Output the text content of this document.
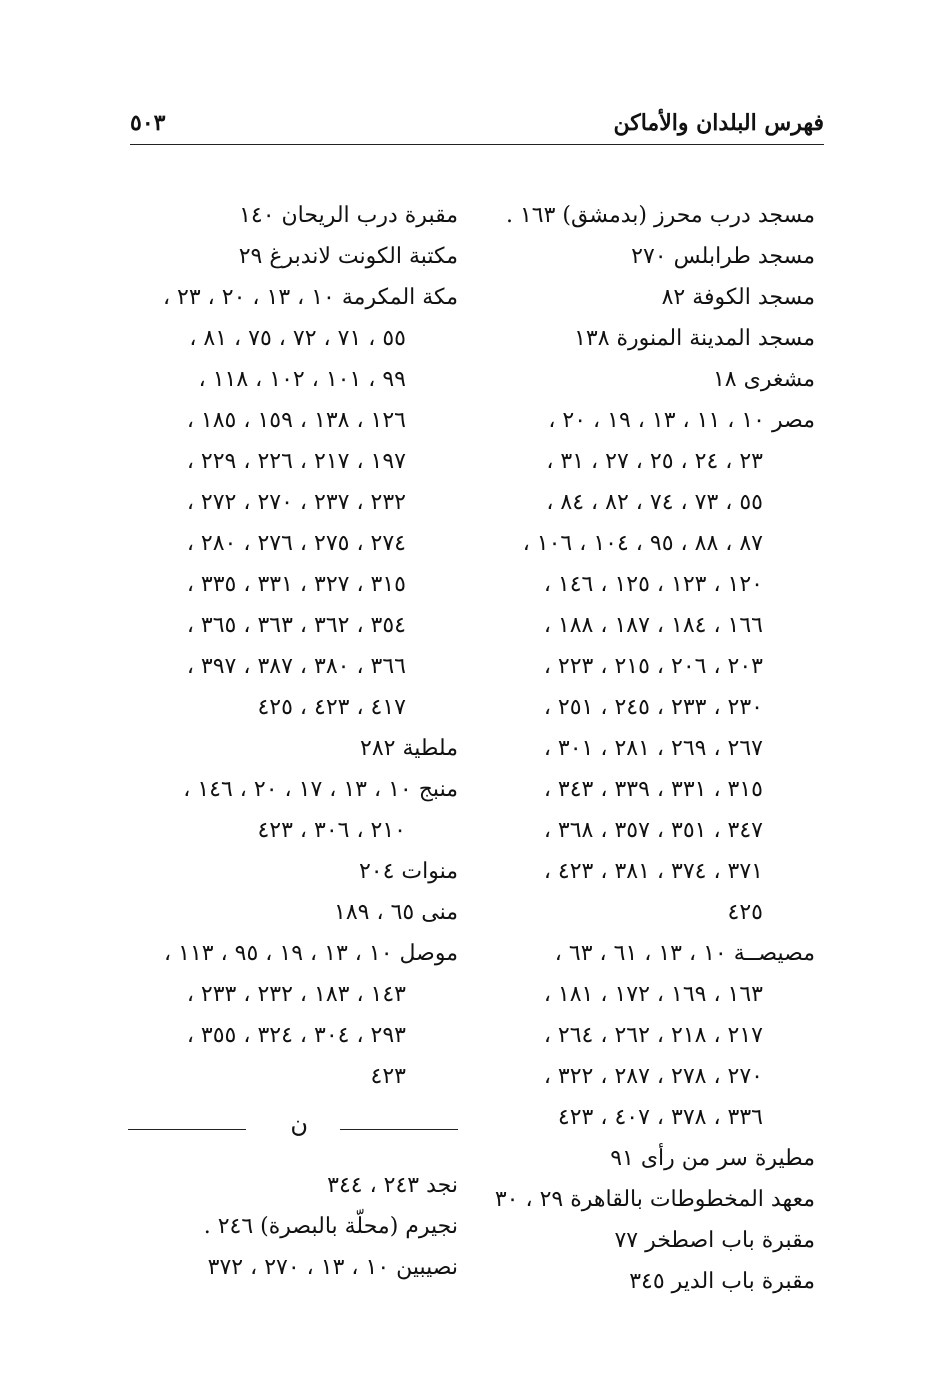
فهرس البلدان والأماكن
٥٠٣
مسجد درب محرز (بدمشق) ١٦٣ .
مسجد طرابلس ٢٧٠
مسجد الكوفة ٨٢
مسجد المدينة المنورة ١٣٨
مشغرى ١٨
مصر ١٠ ، ١١ ، ١٣ ، ١٩ ، ٢٠ ،
٢٣ ، ٢٤ ، ٢٥ ، ٢٧ ، ٣١ ،
٥٥ ، ٧٣ ، ٧٤ ، ٨٢ ، ٨٤ ،
٨٧ ، ٨٨ ، ٩٥ ، ١٠٤ ، ١٠٦ ،
١٢٠ ، ١٢٣ ، ١٢٥ ، ١٤٦ ،
١٦٦ ، ١٨٤ ، ١٨٧ ، ١٨٨ ،
٢٠٣ ، ٢٠٦ ، ٢١٥ ، ٢٢٣ ،
٢٣٠ ، ٢٣٣ ، ٢٤٥ ، ٢٥١ ،
٢٦٧ ، ٢٦٩ ، ٢٨١ ، ٣٠١ ،
٣١٥ ، ٣٣١ ، ٣٣٩ ، ٣٤٣ ،
٣٤٧ ، ٣٥١ ، ٣٥٧ ، ٣٦٨ ،
٣٧١ ، ٣٧٤ ، ٣٨١ ، ٤٢٣ ،
٤٢٥
مصيصــة ١٠ ، ١٣ ، ٦١ ، ٦٣ ،
١٦٣ ، ١٦٩ ، ١٧٢ ، ١٨١ ،
٢١٧ ، ٢١٨ ، ٢٦٢ ، ٢٦٤ ،
٢٧٠ ، ٢٧٨ ، ٢٨٧ ، ٣٢٢ ،
٣٣٦ ، ٣٧٨ ، ٤٠٧ ، ٤٢٣
مطيرة سر من رأى ٩١
معهد المخطوطات بالقاهرة ٢٩ ، ٣٠
مقبرة باب اصطخر ٧٧
مقبرة باب الدير ٣٤٥
مقبرة درب الريحان ١٤٠
مكتبة الكونت لاندبرغ ٢٩
مكة المكرمة ١٠ ، ١٣ ، ٢٠ ، ٢٣ ،
٥٥ ، ٧١ ، ٧٢ ، ٧٥ ، ٨١ ،
٩٩ ، ١٠١ ، ١٠٢ ، ١١٨ ،
١٢٦ ، ١٣٨ ، ١٥٩ ، ١٨٥ ،
١٩٧ ، ٢١٧ ، ٢٢٦ ، ٢٢٩ ،
٢٣٢ ، ٢٣٧ ، ٢٧٠ ، ٢٧٢ ،
٢٧٤ ، ٢٧٥ ، ٢٧٦ ، ٢٨٠ ،
٣١٥ ، ٣٢٧ ، ٣٣١ ، ٣٣٥ ،
٣٥٤ ، ٣٦٢ ، ٣٦٣ ، ٣٦٥ ،
٣٦٦ ، ٣٨٠ ، ٣٨٧ ، ٣٩٧ ،
٤١٧ ، ٤٢٣ ، ٤٢٥
ملطية ٢٨٢
منبج ١٠ ، ١٣ ، ١٧ ، ٢٠ ، ١٤٦ ،
٢١٠ ، ٣٠٦ ، ٤٢٣
منوات ٢٠٤
منى ٦٥ ، ١٨٩
موصل ١٠ ، ١٣ ، ١٩ ، ٩٥ ، ١١٣ ،
١٤٣ ، ١٨٣ ، ٢٣٢ ، ٢٣٣ ،
٢٩٣ ، ٣٠٤ ، ٣٢٤ ، ٣٥٥ ،
٤٢٣
ن
نجد ٢٤٣ ، ٣٤٤
نجيرم (محلّة بالبصرة) ٢٤٦ .
نصيبين ١٠ ، ١٣ ، ٢٧٠ ، ٣٧٢
